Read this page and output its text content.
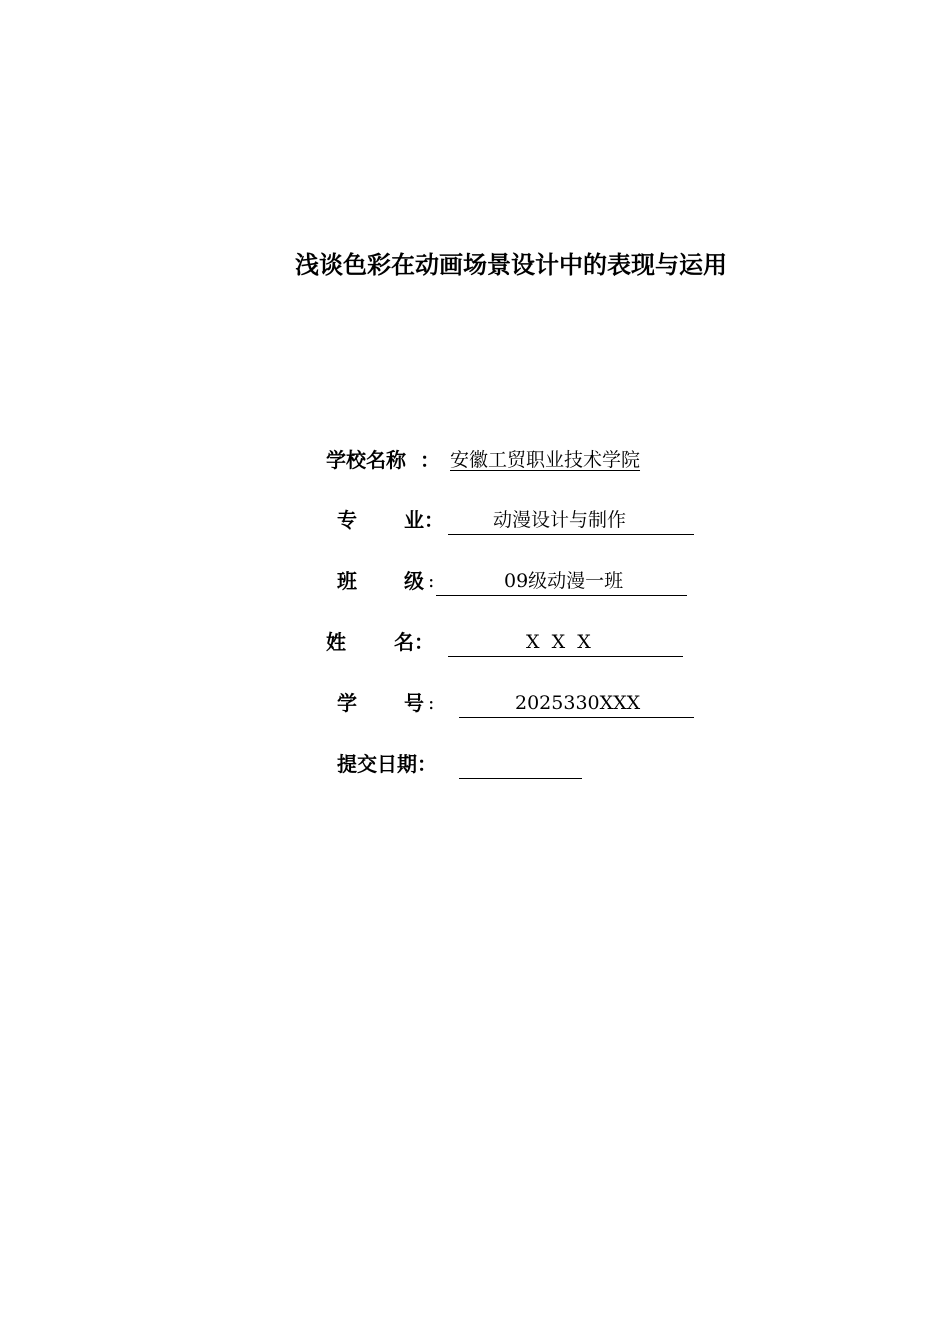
浅谈色彩在动画场景设计中的表现与运用
学校名称 ： 安徽工贸职业技术学院
专 业 ：	动漫设计与制作
班 级 :	09级动漫一班
姓 名 ：	X  X  X
学 号 :	2025330XXX
提交日期 ：
